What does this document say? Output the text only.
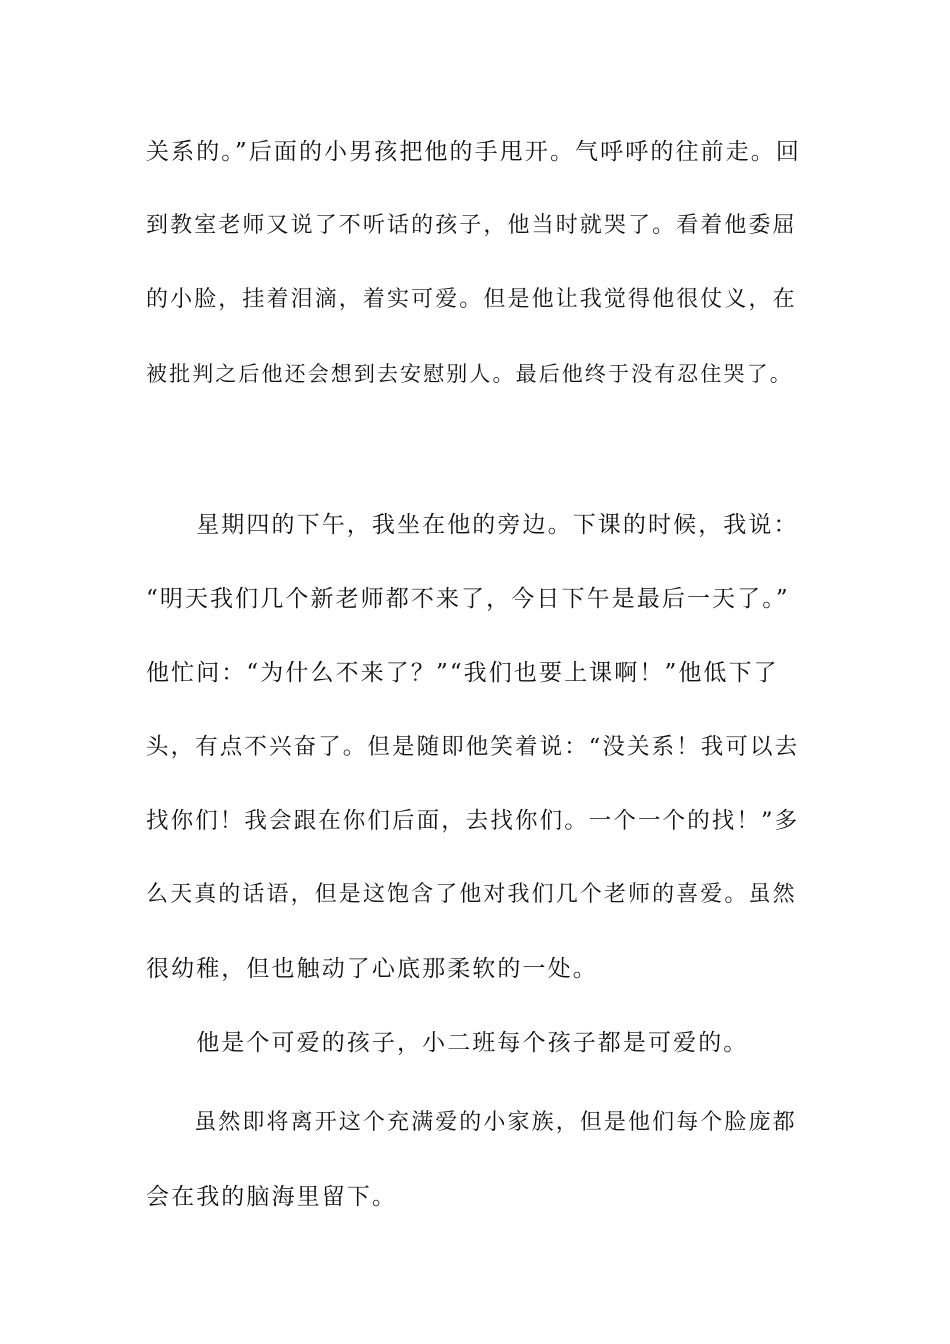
关系的。”后面的小男孩把他的手甩开。气呼呼的往前走。回
到教室老师又说了不听话的孩子，他当时就哭了。看着他委屈
的小脸，挂着泪滴，着实可爱。但是他让我觉得他很仗义，在
被批判之后他还会想到去安慰别人。最后他终于没有忍住哭了。
　　星期四的下午，我坐在他的旁边。下课的时候，我说：
“明天我们几个新老师都不来了，今日下午是最后一天了。”
他忙问：“为什么不来了？”“我们也要上课啊！”他低下了
头，有点不兴奋了。但是随即他笑着说：“没关系！我可以去
找你们！我会跟在你们后面，去找你们。一个一个的找！”多
么天真的话语，但是这饱含了他对我们几个老师的喜爱。虽然
很幼稚，但也触动了心底那柔软的一处。
　　他是个可爱的孩子，小二班每个孩子都是可爱的。
　　虽然即将离开这个充满爱的小家族，但是他们每个脸庞都
会在我的脑海里留下。
